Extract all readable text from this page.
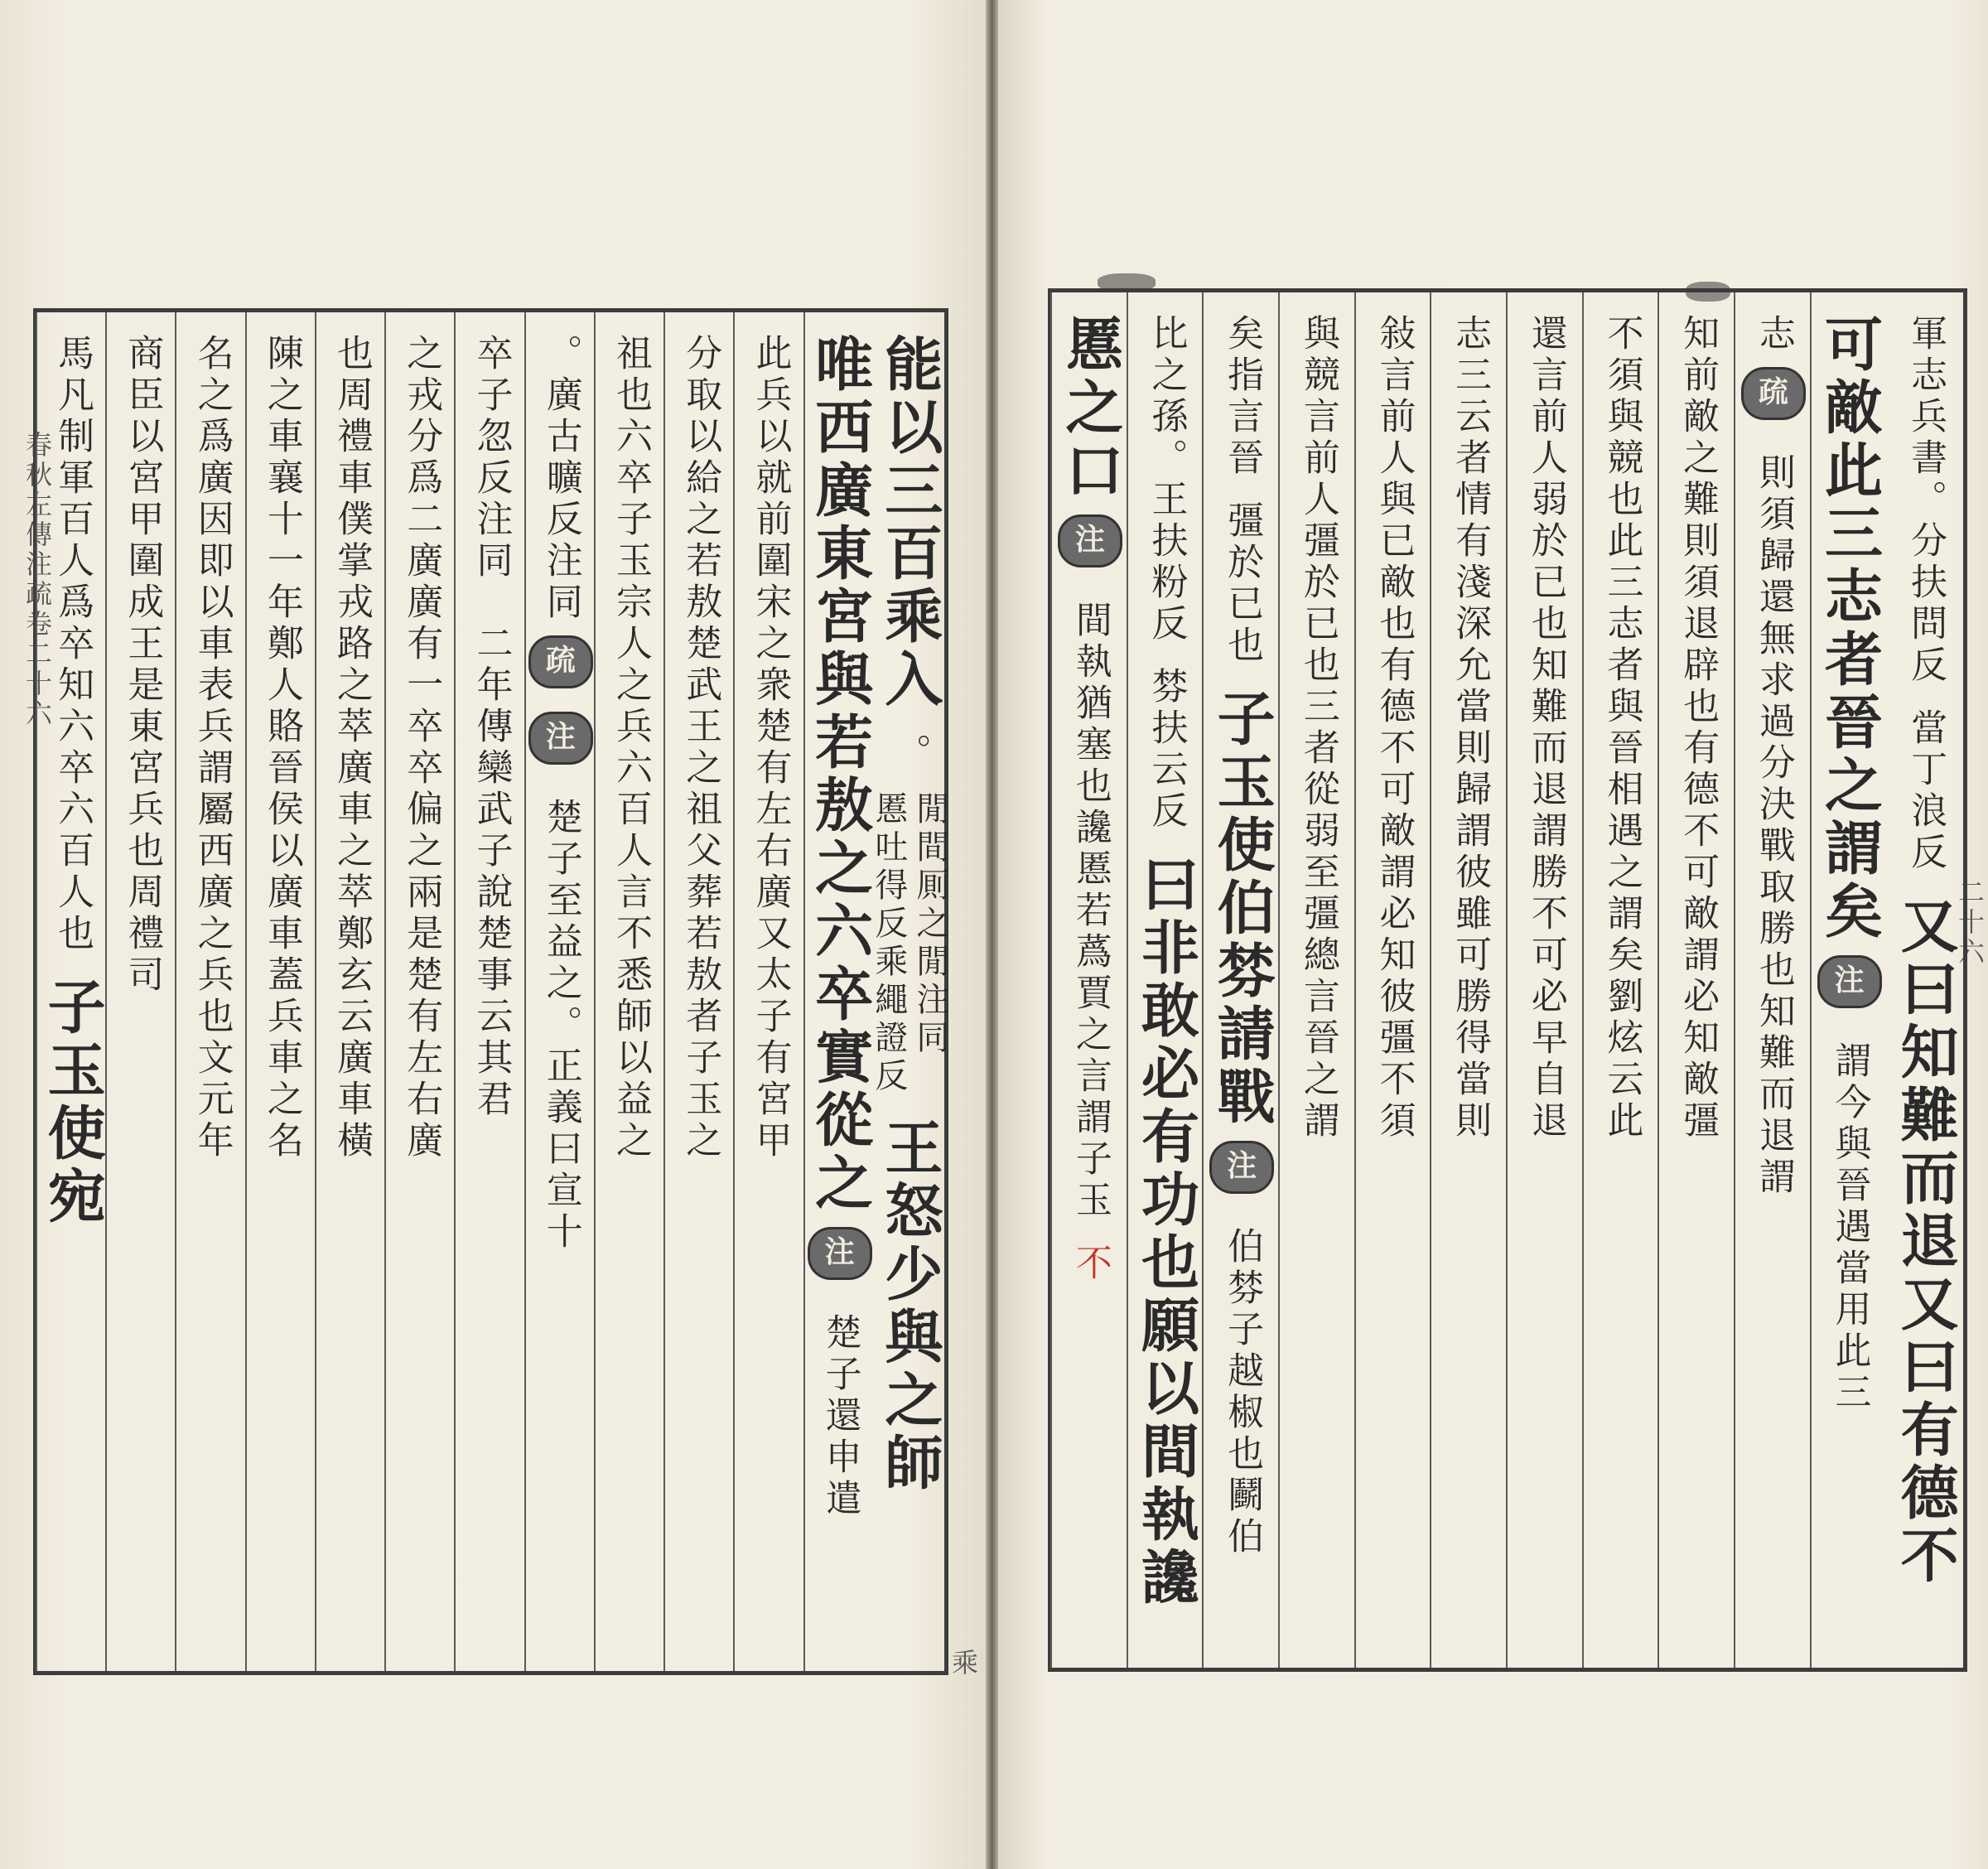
春秋左傳注疏卷二十六
乘
能以三百乘入
。
閒間厠之閒注同
慝吐得反乘繩證反
王怒少與之師
唯西廣東宮與若敖之六卒實從之
注
楚子還申遣
此兵以就前圍宋之衆楚有左右廣又太子有宮甲
分取以給之若敖楚武王之祖父葬若敖者子玉之
祖也六卒子玉宗人之兵六百人言不悉師以益之
。廣古曠反注同
疏
注
楚子至益之。正義曰宣十
卒子忽反注同　二年傳欒武子說楚事云其君
之戎分爲二廣廣有一卒卒偏之兩是楚有左右廣
也周禮車僕掌戎路之萃廣車之萃鄭玄云廣車橫
陳之車襄十一年鄭人賂晉侯以廣車蓋兵車之名
名之爲廣因即以車表兵謂屬西廣之兵也文元年
商臣以宮甲圍成王是東宮兵也周禮司
馬凡制軍百人爲卒知六卒六百人也
子玉使宛
二十六
軍志兵書。分扶問反
當丁浪反
又曰知難而退又曰有德不
可敵此三志者晉之謂矣
注
謂今與晉遇當用此三
志
疏
則須歸還無求過分決戰取勝也知難而退謂
知前敵之難則須退辟也有德不可敵謂必知敵彊
不須與競也此三志者與晉相遇之謂矣劉炫云此
還言前人弱於已也知難而退謂勝不可必早自退
志三云者情有淺深允當則歸謂彼雖可勝得當則
敍言前人與已敵也有德不可敵謂必知彼彊不須
與競言前人彊於已也三者從弱至彊總言晉之謂
矣指言晉
彊於已也
子玉使伯棼請戰
注
伯棼子越椒也鬬伯
比之孫。王扶粉反
棼扶云反
曰非敢必有功也願以間執讒
慝之口
注
間執猶塞也讒慝若蔿賈之言謂子玉
不
